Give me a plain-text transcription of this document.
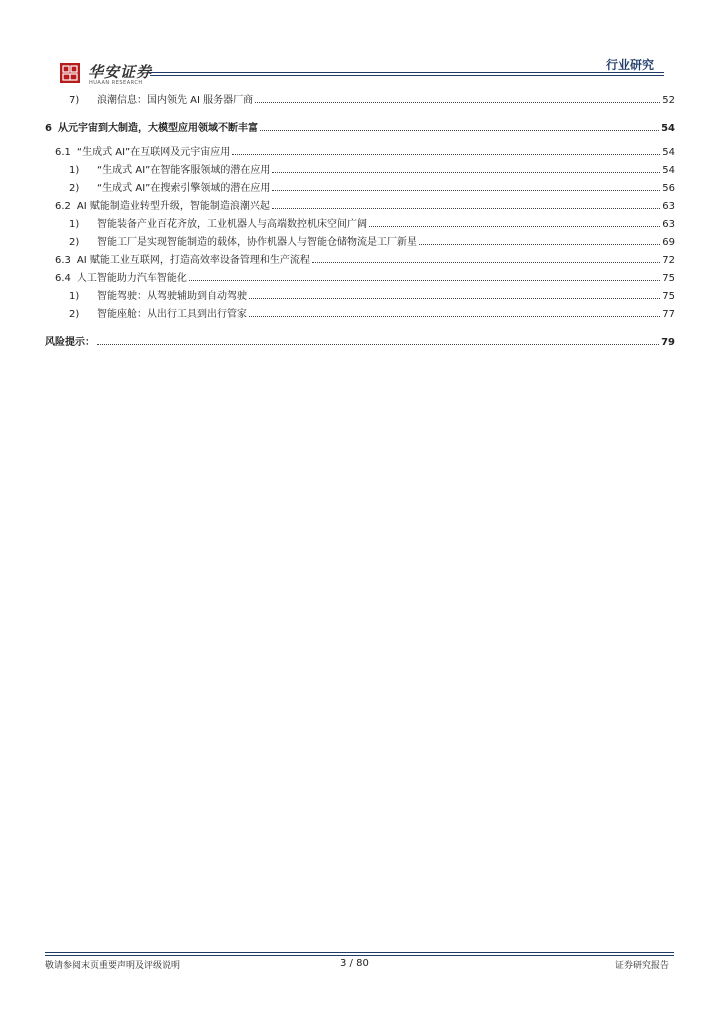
华安证券
HUAAN RESEARCH
行业研究
7)	浪潮信息：国内领先 AI 服务器厂商	52
6 从元宇宙到大制造，大模型应用领域不断丰富	54
6.1 “生成式 AI”在互联网及元宇宙应用	54
1)	“生成式 AI”在智能客服领域的潜在应用	54
2)	“生成式 AI”在搜索引擎领域的潜在应用	56
6.2 AI 赋能制造业转型升级，智能制造浪潮兴起	63
1)	智能装备产业百花齐放，工业机器人与高端数控机床空间广阔	63
2)	智能工厂是实现智能制造的载体，协作机器人与智能仓储物流是工厂新星	69
6.3 AI 赋能工业互联网，打造高效率设备管理和生产流程	72
6.4 人工智能助力汽车智能化	75
1)	智能驾驶：从驾驶辅助到自动驾驶	75
2)	智能座舱：从出行工具到出行管家	77
风险提示：	79
敬请参阅末页重要声明及评级说明	3 / 80	证券研究报告
